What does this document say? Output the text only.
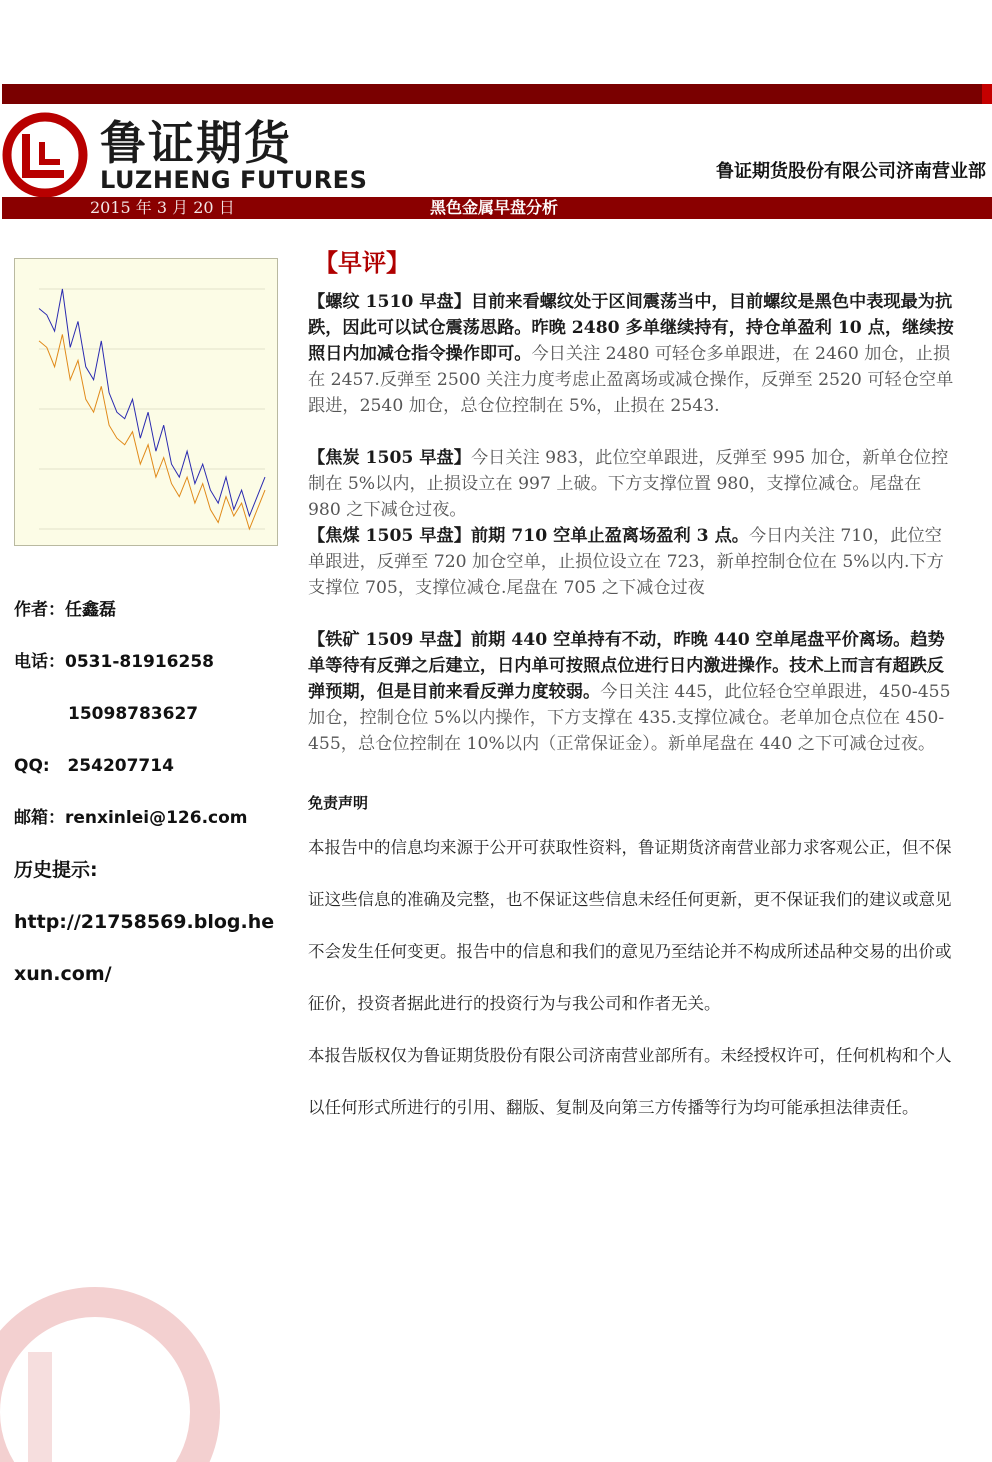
鲁证期货
LUZHENG FUTURES	鲁证期货股份有限公司济南营业部
2015 年 3 月 20 日	黑色金属早盘分析
作者：任鑫磊
电话：0531-81916258
15098783627
QQ:   254207714
邮箱：renxinlei@126.com
历史提示:
http://21758569.blog.he
xun.com/
【早评】
【螺纹 1510 早盘】目前来看螺纹处于区间震荡当中，目前螺纹是黑色中表现最为抗跌，因此可以试仓震荡思路。昨晚 2480 多单继续持有，持仓单盈利 10 点，继续按照日内加减仓指令操作即可。今日关注 2480 可轻仓多单跟进，在 2460 加仓，止损在 2457.反弹至 2500 关注力度考虑止盈离场或减仓操作，反弹至 2520 可轻仓空单跟进，2540 加仓，总仓位控制在 5%，止损在 2543.
【焦炭 1505 早盘】今日关注 983，此位空单跟进，反弹至 995 加仓，新单仓位控制在 5%以内，止损设立在 997 上破。下方支撑位置 980，支撑位减仓。尾盘在 980 之下减仓过夜。
【焦煤 1505 早盘】前期 710 空单止盈离场盈利 3 点。今日内关注 710，此位空单跟进，反弹至 720 加仓空单，止损位设立在 723，新单控制仓位在 5%以内.下方支撑位 705，支撑位减仓.尾盘在 705 之下减仓过夜
【铁矿 1509 早盘】前期 440 空单持有不动，昨晚 440 空单尾盘平价离场。趋势单等待有反弹之后建立，日内单可按照点位进行日内激进操作。技术上而言有超跌反弹预期，但是目前来看反弹力度较弱。今日关注 445，此位轻仓空单跟进，450-455 加仓，控制仓位 5%以内操作，下方支撑在 435.支撑位减仓。老单加仓点位在 450-455，总仓位控制在 10%以内（正常保证金）。新单尾盘在 440 之下可减仓过夜。
免责声明
本报告中的信息均来源于公开可获取性资料，鲁证期货济南营业部力求客观公正，但不保证这些信息的准确及完整，也不保证这些信息未经任何更新，更不保证我们的建议或意见不会发生任何变更。报告中的信息和我们的意见乃至结论并不构成所述品种交易的出价或征价，投资者据此进行的投资行为与我公司和作者无关。
本报告版权仅为鲁证期货股份有限公司济南营业部所有。未经授权许可，任何机构和个人以任何形式所进行的引用、翻版、复制及向第三方传播等行为均可能承担法律责任。
